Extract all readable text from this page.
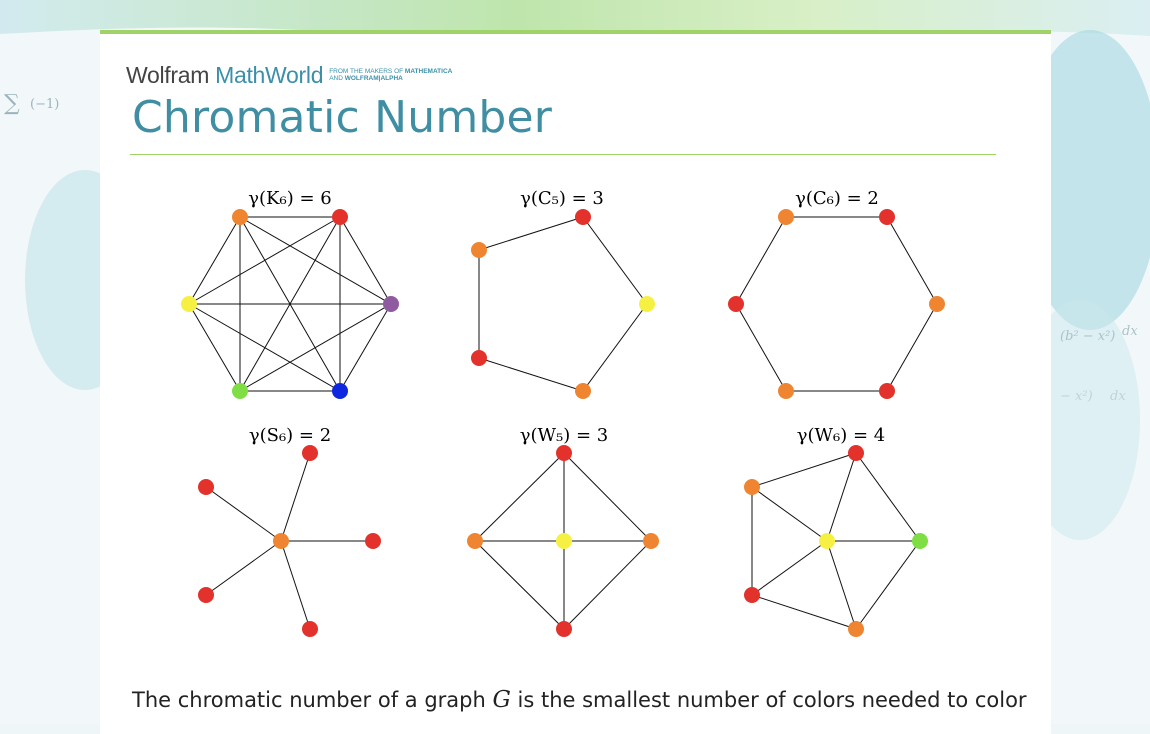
∑ (−1)
(b² − x²) dx
− x²) dx
Wolfram MathWorld FROM THE MAKERS OF MATHEMATICA
AND WOLFRAM|ALPHA
Chromatic Number
γ(K₆) = 6	γ(C₅) = 3	γ(C₆) = 2
γ(S₆) = 2	γ(W₅) = 3	γ(W₆) = 4
The chromatic number of a graph G is the smallest number of colors needed to color
